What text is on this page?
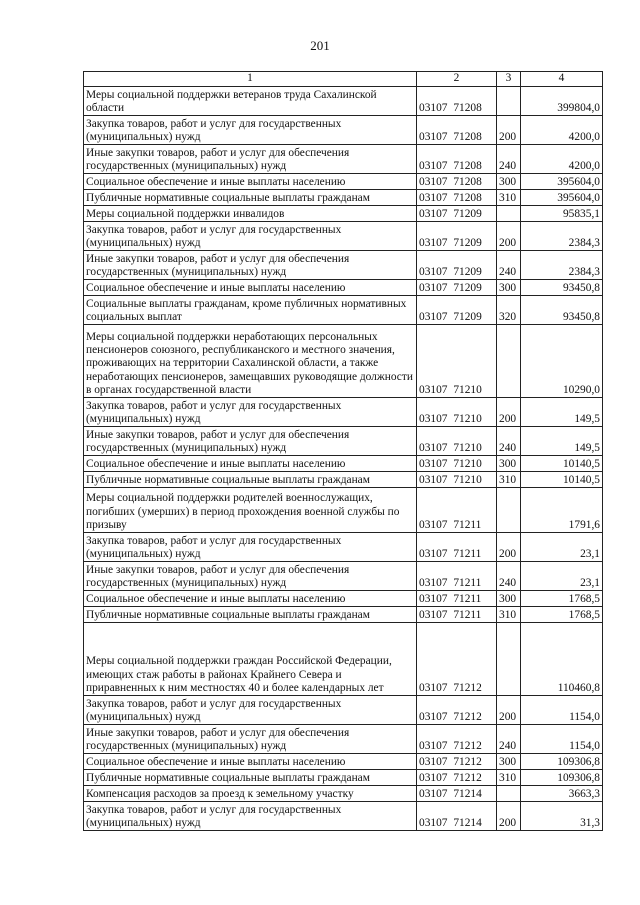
201
1	2	3	4
Меры социальной поддержки ветеранов труда Сахалинской области	03107 71208		399804,0
Закупка товаров, работ и услуг для государственных (муниципальных) нужд	03107 71208	200	4200,0
Иные закупки товаров, работ и услуг для обеспечения государственных (муниципальных) нужд	03107 71208	240	4200,0
Социальное обеспечение и иные выплаты населению	03107 71208	300	395604,0
Публичные нормативные социальные выплаты гражданам	03107 71208	310	395604,0
Меры социальной поддержки инвалидов	03107 71209		95835,1
Закупка товаров, работ и услуг для государственных (муниципальных) нужд	03107 71209	200	2384,3
Иные закупки товаров, работ и услуг для обеспечения государственных (муниципальных) нужд	03107 71209	240	2384,3
Социальное обеспечение и иные выплаты населению	03107 71209	300	93450,8
Социальные выплаты гражданам, кроме публичных нормативных социальных выплат	03107 71209	320	93450,8
Меры социальной поддержки неработающих персональных пенсионеров союзного, республиканского и местного значения, проживающих на территории Сахалинской области, а также неработающих пенсионеров, замещавших руководящие должности в органах государственной власти	03107 71210		10290,0
Закупка товаров, работ и услуг для государственных (муниципальных) нужд	03107 71210	200	149,5
Иные закупки товаров, работ и услуг для обеспечения государственных (муниципальных) нужд	03107 71210	240	149,5
Социальное обеспечение и иные выплаты населению	03107 71210	300	10140,5
Публичные нормативные социальные выплаты гражданам	03107 71210	310	10140,5
Меры социальной поддержки родителей военнослужащих, погибших (умерших) в период прохождения военной службы по призыву	03107 71211		1791,6
Закупка товаров, работ и услуг для государственных (муниципальных) нужд	03107 71211	200	23,1
Иные закупки товаров, работ и услуг для обеспечения государственных (муниципальных) нужд	03107 71211	240	23,1
Социальное обеспечение и иные выплаты населению	03107 71211	300	1768,5
Публичные нормативные социальные выплаты гражданам	03107 71211	310	1768,5
Меры социальной поддержки граждан Российской Федерации, имеющих стаж работы в районах Крайнего Севера и приравненных к ним местностях 40 и более календарных лет	03107 71212		110460,8
Закупка товаров, работ и услуг для государственных (муниципальных) нужд	03107 71212	200	1154,0
Иные закупки товаров, работ и услуг для обеспечения государственных (муниципальных) нужд	03107 71212	240	1154,0
Социальное обеспечение и иные выплаты населению	03107 71212	300	109306,8
Публичные нормативные социальные выплаты гражданам	03107 71212	310	109306,8
Компенсация расходов за проезд к земельному участку	03107 71214		3663,3
Закупка товаров, работ и услуг для государственных (муниципальных) нужд	03107 71214	200	31,3
